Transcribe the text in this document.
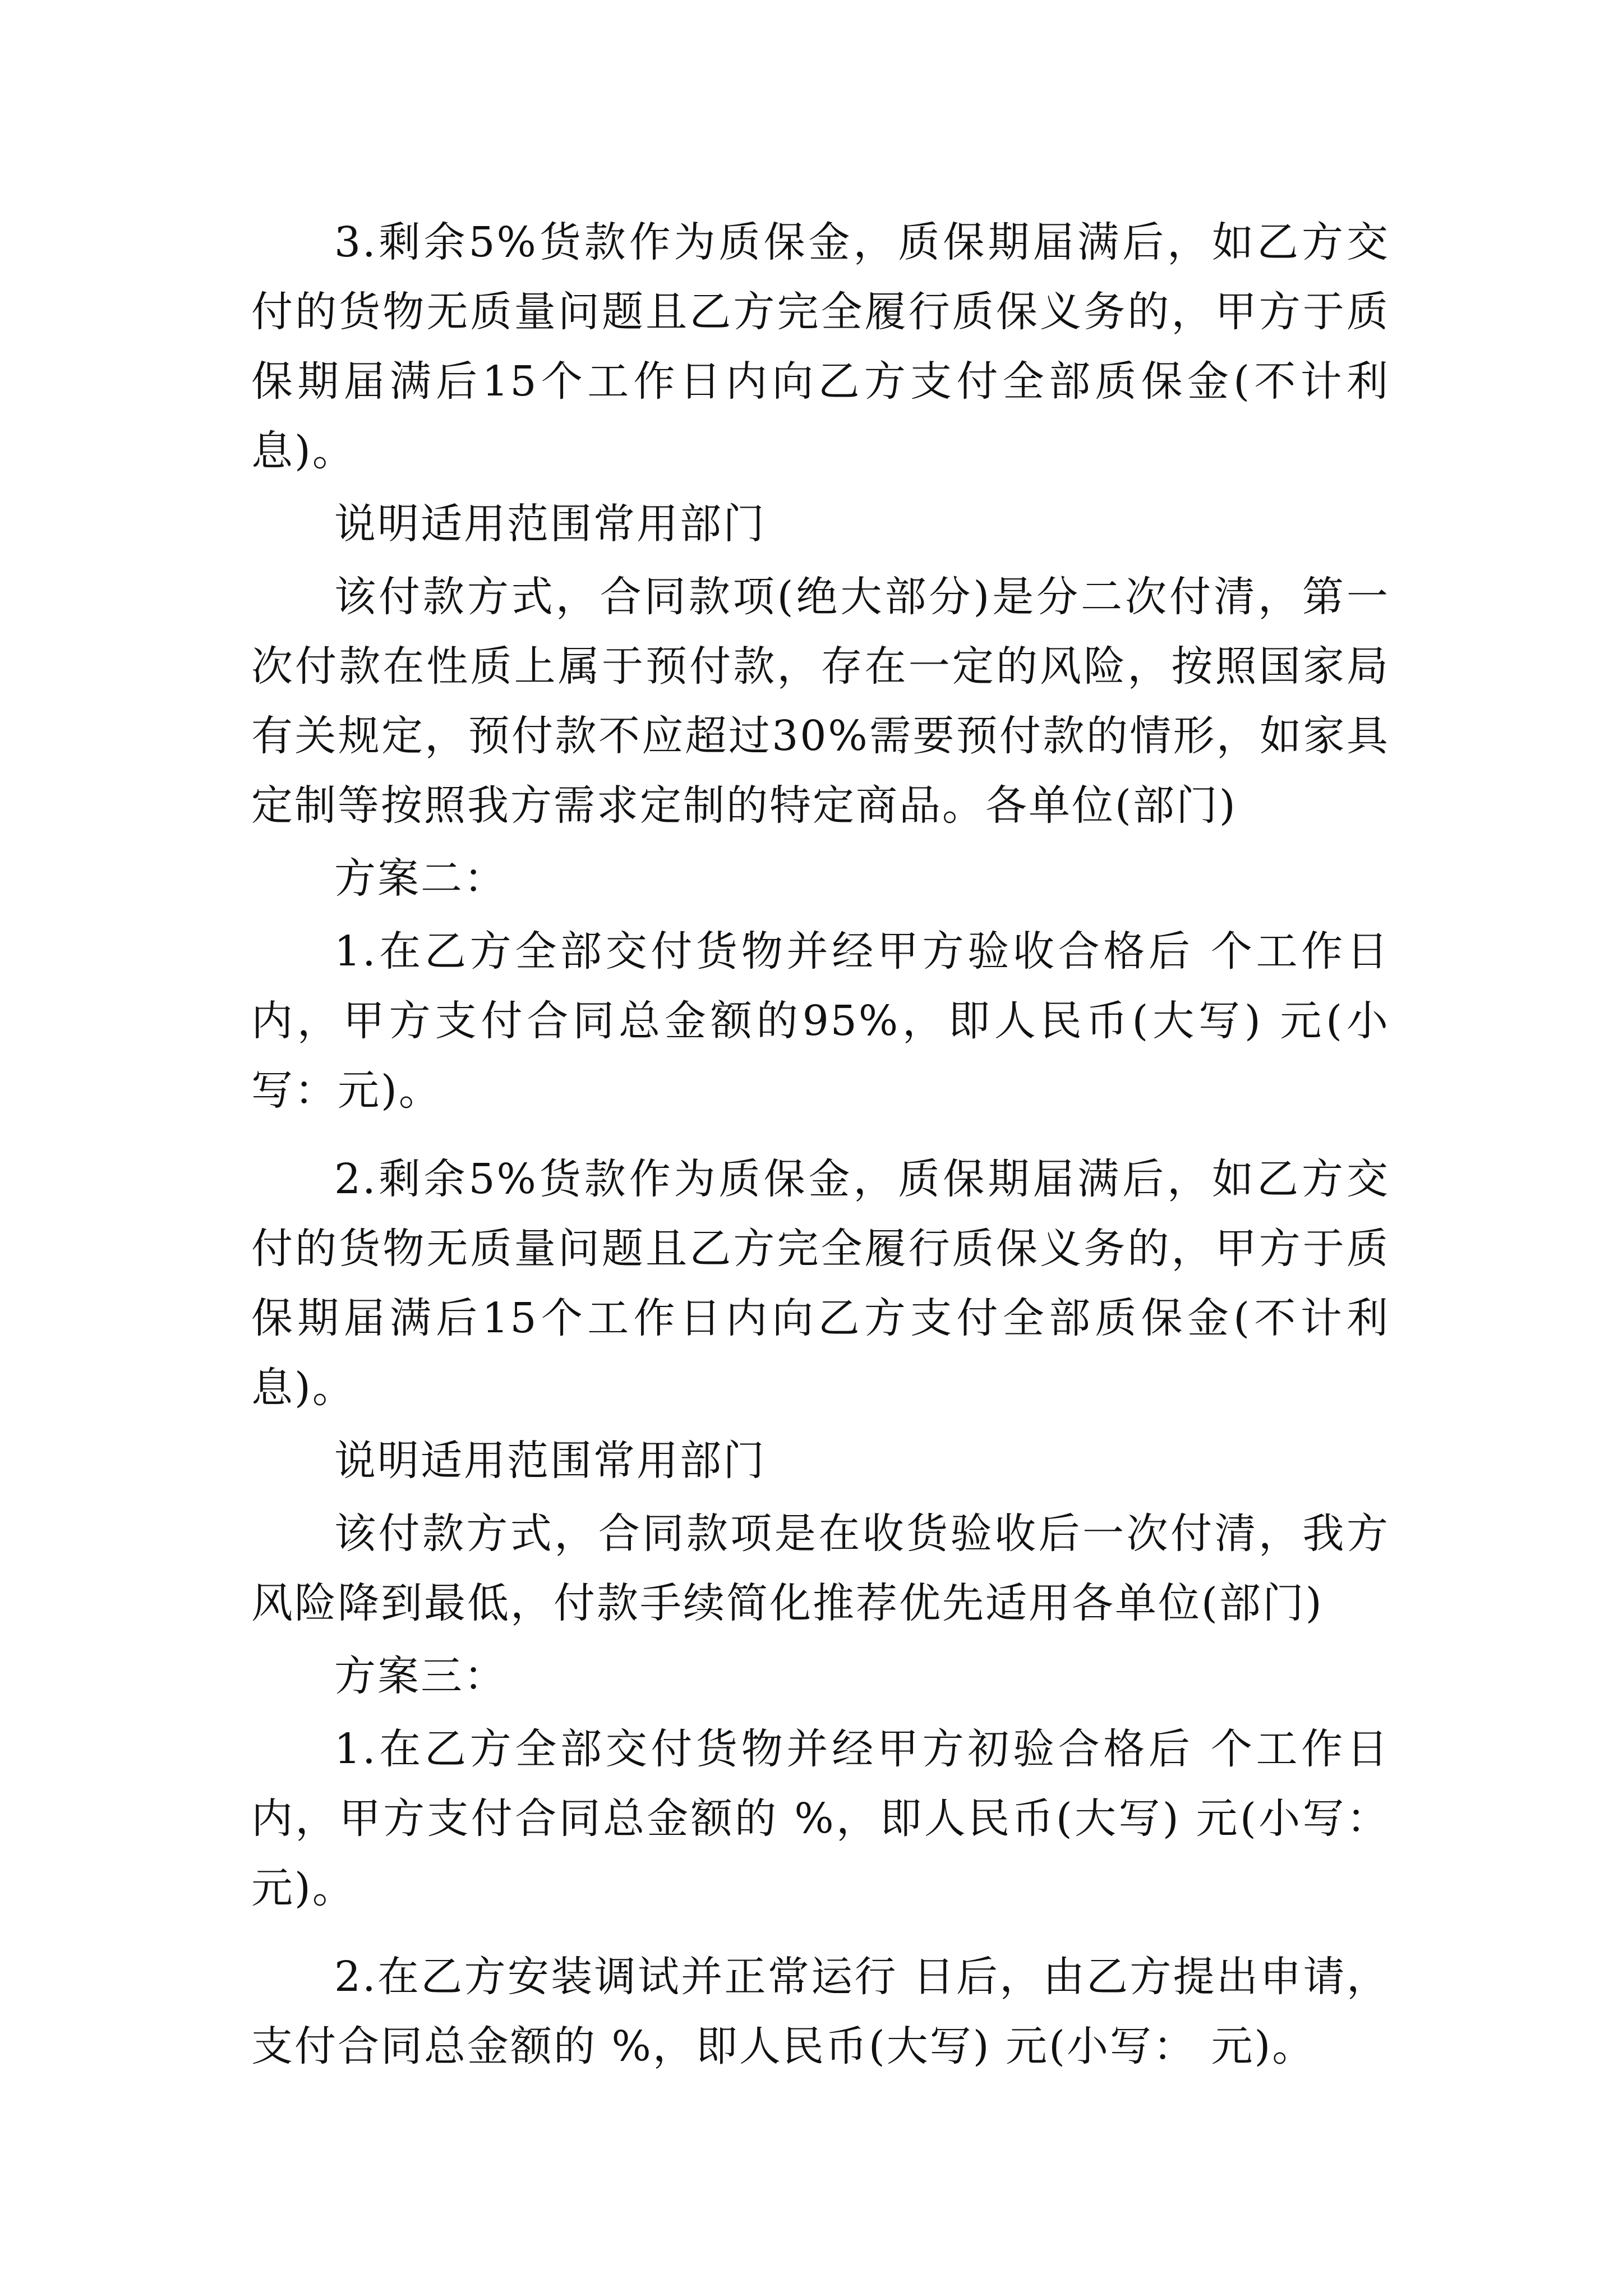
3.剩余5%货款作为质保金，质保期届满后，如乙方交付的货物无质量问题且乙方完全履行质保义务的，甲方于质保期届满后15个工作日内向乙方支付全部质保金(不计利息)。

说明适用范围常用部门

该付款方式，合同款项(绝大部分)是分二次付清，第一次付款在性质上属于预付款，存在一定的风险，按照国家局有关规定，预付款不应超过30%需要预付款的情形，如家具定制等按照我方需求定制的特定商品。各单位(部门)

方案二：

1.在乙方全部交付货物并经甲方验收合格后 个工作日内，甲方支付合同总金额的95%，即人民币(大写) 元(小写：元)。

2.剩余5%货款作为质保金，质保期届满后，如乙方交付的货物无质量问题且乙方完全履行质保义务的，甲方于质保期届满后15个工作日内向乙方支付全部质保金(不计利息)。

说明适用范围常用部门

该付款方式，合同款项是在收货验收后一次付清，我方风险降到最低，付款手续简化推荐优先适用各单位(部门)

方案三：

1.在乙方全部交付货物并经甲方初验合格后 个工作日内，甲方支付合同总金额的 %，即人民币(大写) 元(小写：元)。

2.在乙方安装调试并正常运行 日后，由乙方提出申请，支付合同总金额的 %，即人民币(大写) 元(小写： 元)。
